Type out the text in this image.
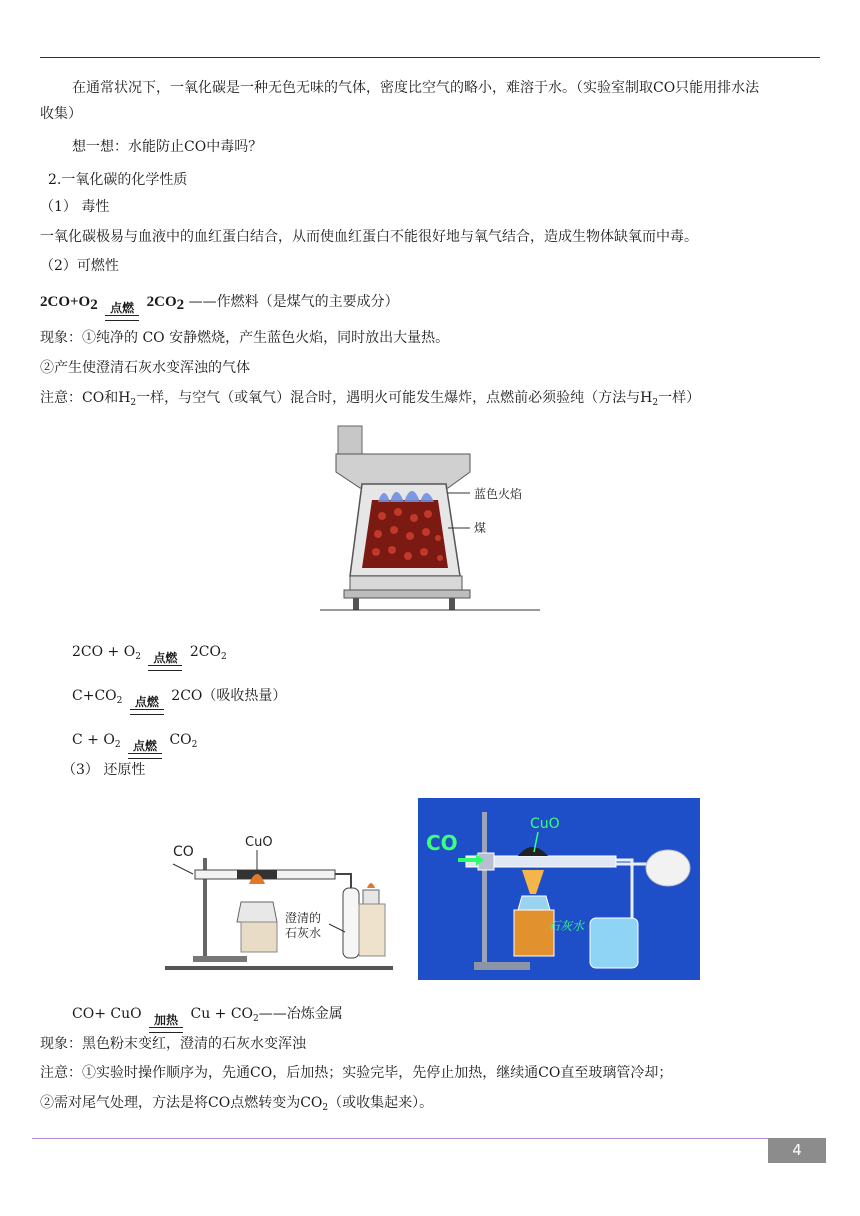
在通常状况下，一氧化碳是一种无色无味的气体，密度比空气的略小，难溶于水。（实验室制取CO只能用排水法
收集）
想一想：水能防止CO中毒吗？
2.一氧化碳的化学性质
（1） 毒性
一氧化碳极易与血液中的血红蛋白结合，从而使血红蛋白不能很好地与氧气结合，造成生物体缺氧而中毒。
（2）可燃性
2CO+O2 点燃 2CO2 ——作燃料（是煤气的主要成分）
现象：①纯净的 CO 安静燃烧，产生蓝色火焰，同时放出大量热。
②产生使澄清石灰水变浑浊的气体
注意：CO和$H_2$一样，与空气（或氧气）混合时，遇明火可能发生爆炸，点燃前必须验纯（方法与$H_2$一样）
蓝色火焰
煤
$2CO + O_2$ 点燃 $2CO_2$
$C+CO_2$ 点燃 2CO（吸收热量）
$C + O_2$ 点燃 $CO_2$
（3） 还原性
CO
CuO
澄清的
石灰水
CO
CuO
石灰水
CO+ CuO 加热 $Cu + CO_2——$冶炼金属
现象：黑色粉末变红，澄清的石灰水变浑浊
注意：①实验时操作顺序为，先通CO，后加热；实验完毕，先停止加热，继续通CO直至玻璃管冷却；
②需对尾气处理，方法是将CO点燃转变为$CO_2$（或收集起来）。
4
